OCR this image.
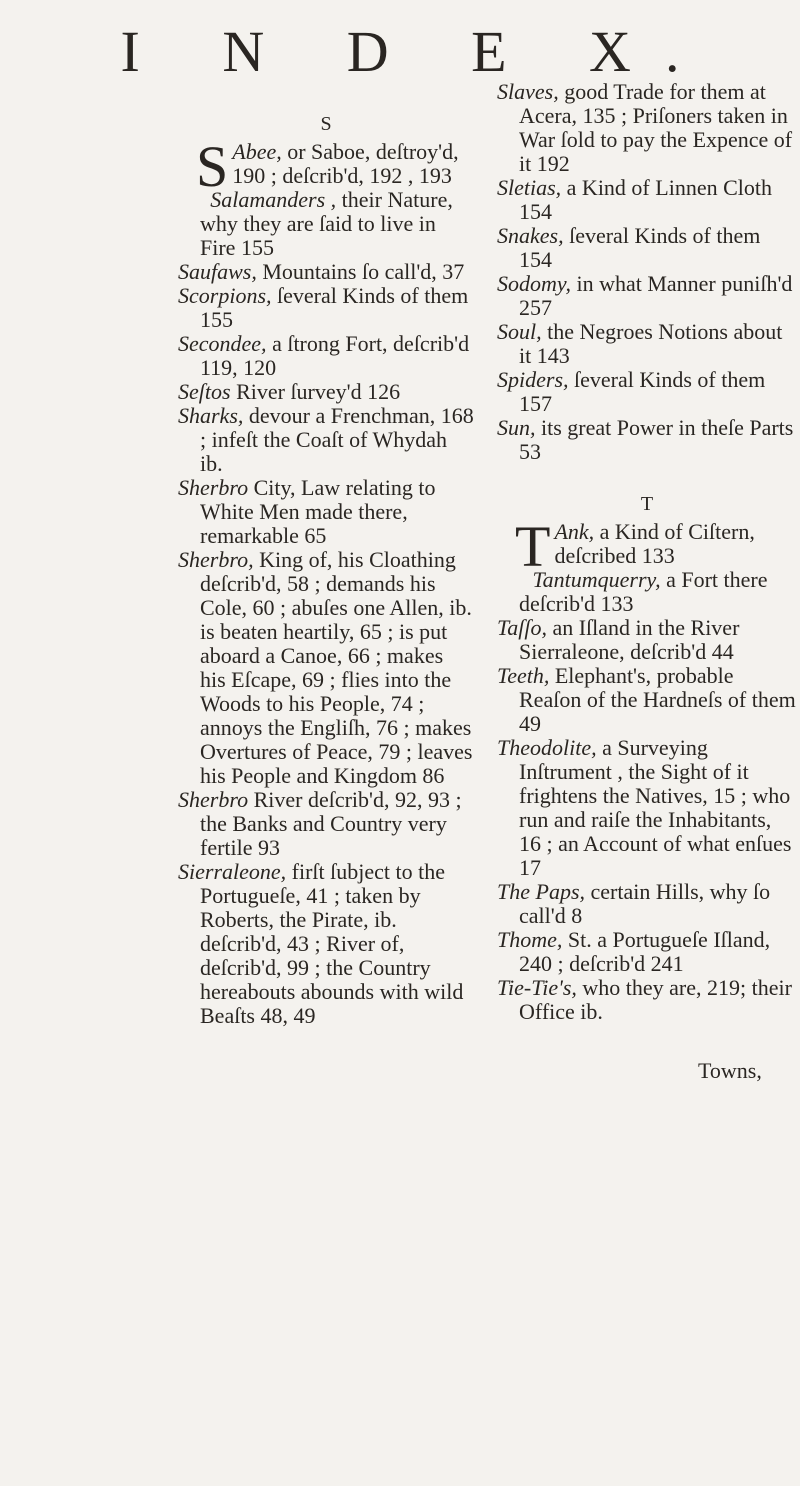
I N D E X.
S

S Abee, or Saboe, deſtroy'd, 190 ; deſcrib'd, 192 , 193

Salamanders , their Nature, why they are ſaid to live in Fire 155

Saufaws, Mountains ſo call'd, 37

Scorpions, ſeveral Kinds of them 155

Secondee, a ſtrong Fort, deſcrib'd 119, 120

Seſtos River ſurvey'd 126

Sharks, devour a Frenchman, 168 ; infeſt the Coaſt of Whydah ib.

Sherbro City, Law relating to White Men made there, remarkable 65

Sherbro, King of, his Cloathing deſcrib'd, 58 ; demands his Cole, 60 ; abuſes one Allen, ib. is beaten heartily, 65 ; is put aboard a Canoe, 66 ; makes his Eſcape, 69 ; flies into the Woods to his People, 74 ; annoys the Engliſh, 76 ; makes Overtures of Peace, 79 ; leaves his People and Kingdom 86

Sherbro River deſcrib'd, 92, 93 ; the Banks and Country very fertile 93

Sierraleone, firſt ſubject to the Portugueſe, 41 ; taken by Roberts, the Pirate, ib. deſcrib'd, 43 ; River of, deſcrib'd, 99 ; the Country hereabouts abounds with wild Beaſts 48, 49

Slaves, good Trade for them at Acera, 135 ; Priſoners taken in War ſold to pay the Expence of it 192

Sletias, a Kind of Linnen Cloth 154

Snakes, ſeveral Kinds of them 154

Sodomy, in what Manner puniſh'd 257

Soul, the Negroes Notions about it 143

Spiders, ſeveral Kinds of them 157

Sun, its great Power in theſe Parts 53

T

T Ank, a Kind of Ciſtern, deſcribed 133

Tantumquerry, a Fort there deſcrib'd 133

Taſſo, an Iſland in the River Sierraleone, deſcrib'd 44

Teeth, Elephant's, probable Reaſon of the Hardneſs of them 49

Theodolite, a Surveying Inſtrument , the Sight of it frightens the Natives, 15 ; who run and raiſe the Inhabitants, 16 ; an Account of what enſues 17

The Paps, certain Hills, why ſo call'd 8

Thome, St. a Portugueſe Iſland, 240 ; deſcrib'd 241

Tie-Tie's, who they are, 219; their Office ib.

Towns,
